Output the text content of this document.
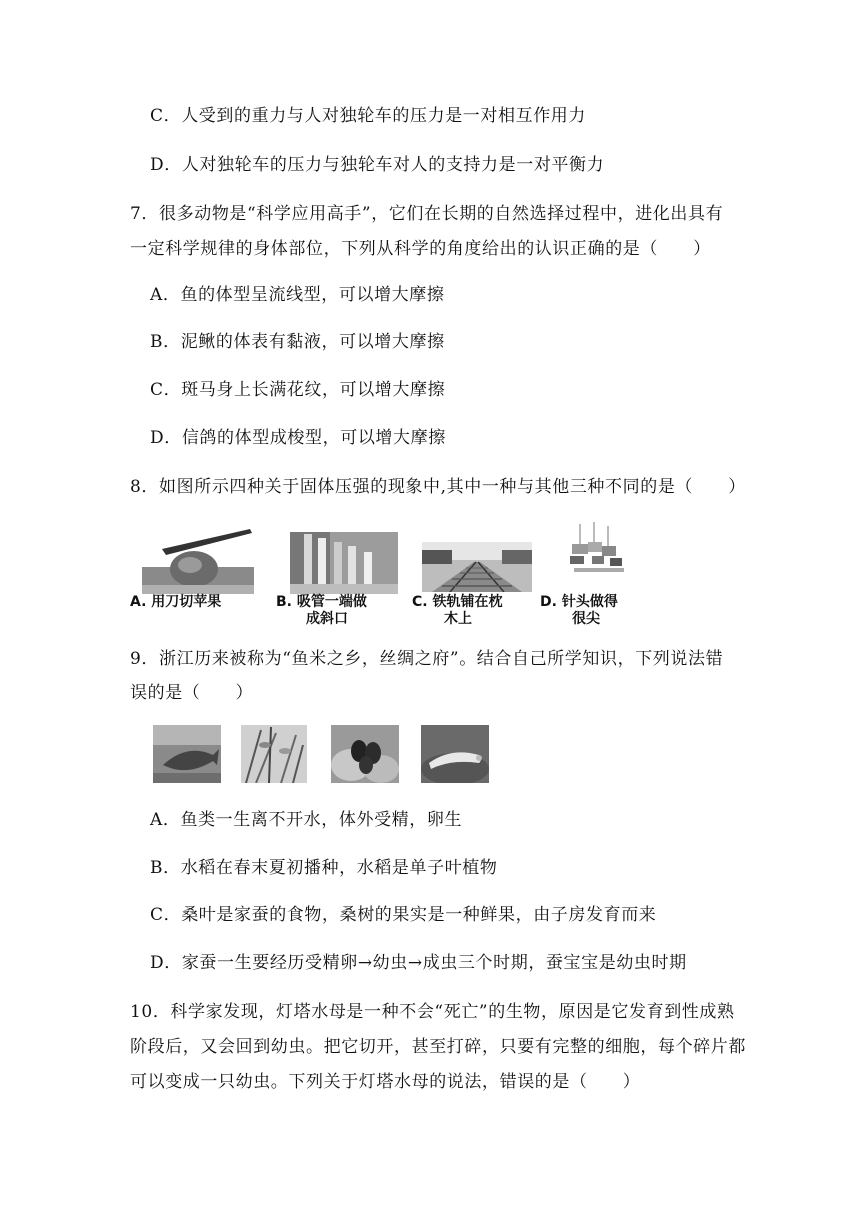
C．人受到的重力与人对独轮车的压力是一对相互作用力
D．人对独轮车的压力与独轮车对人的支持力是一对平衡力
7．很多动物是“科学应用高手”，它们在长期的自然选择过程中，进化出具有
一定科学规律的身体部位，下列从科学的角度给出的认识正确的是（　　）
A．鱼的体型呈流线型，可以增大摩擦
B．泥鳅的体表有黏液，可以增大摩擦
C．斑马身上长满花纹，可以增大摩擦
D．信鸽的体型成梭型，可以增大摩擦
8．如图所示四种关于固体压强的现象中,其中一种与其他三种不同的是（　　）
A. 用刀切苹果	B. 吸管一端做
成斜口
C. 铁轨铺在枕
木上
D. 针头做得
很尖
9．浙江历来被称为“鱼米之乡，丝绸之府”。结合自己所学知识，下列说法错
误的是（　　）
A．鱼类一生离不开水，体外受精，卵生
B．水稻在春末夏初播种，水稻是单子叶植物
C．桑叶是家蚕的食物，桑树的果实是一种鲜果，由子房发育而来
D．家蚕一生要经历受精卵→幼虫→成虫三个时期，蚕宝宝是幼虫时期
10．科学家发现，灯塔水母是一种不会“死亡”的生物，原因是它发育到性成熟
阶段后，又会回到幼虫。把它切开，甚至打碎，只要有完整的细胞，每个碎片都
可以变成一只幼虫。下列关于灯塔水母的说法，错误的是（　　）
